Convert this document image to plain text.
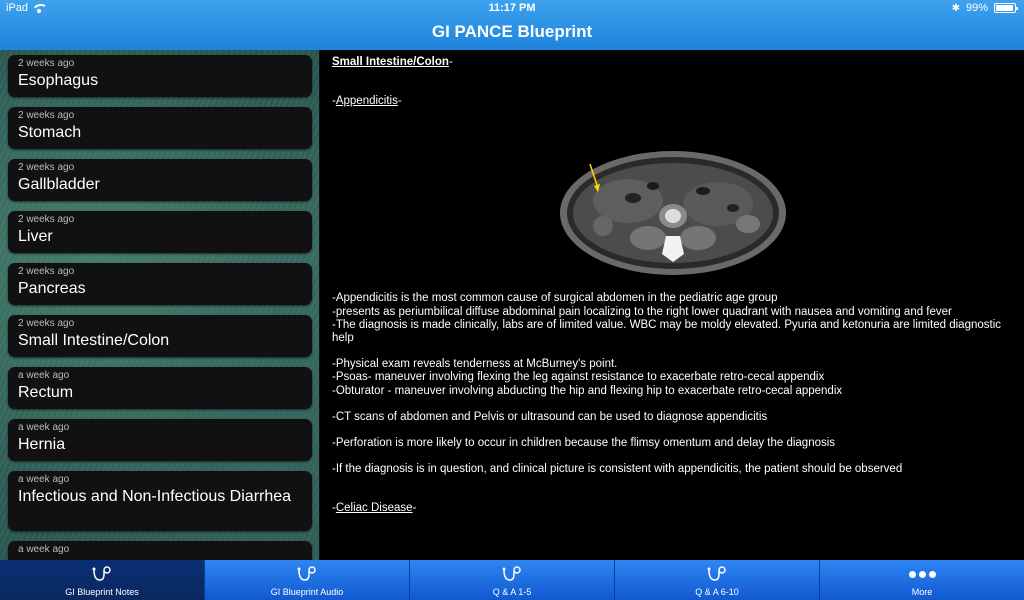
iPad	11:17 PM	✱ 99%
GI PANCE Blueprint
2 weeks ago
Esophagus
2 weeks ago
Stomach
2 weeks ago
Gallbladder
2 weeks ago
Liver
2 weeks ago
Pancreas
2 weeks ago
Small Intestine/Colon
a week ago
Rectum
a week ago
Hernia
a week ago
Infectious and Non-Infectious Diarrhea
a week ago

Small Intestine/Colon-

-Appendicitis-

-Appendicitis is the most common cause of surgical abdomen in the pediatric age group

-presents as periumbilical diffuse abdominal pain localizing to the right lower quadrant with nausea and vomiting and fever

-The diagnosis is made clinically, labs are of limited value. WBC may be moldy elevated. Pyuria and ketonuria are limited diagnostic help

-Physical exam reveals tenderness at McBurney's point.

-Psoas- maneuver involving flexing the leg against resistance to exacerbate retro-cecal appendix

-Obturator - maneuver involving abducting the hip and flexing hip to exacerbate retro-cecal appendix

-CT scans of abdomen and Pelvis or ultrasound can be used to diagnose appendicitis

-Perforation is more likely to occur in children because the flimsy omentum and delay the diagnosis

-If the diagnosis is in question, and clinical picture is consistent with appendicitis, the patient should be observed

-Celiac Disease-

GI Blueprint Notes	GI Blueprint Audio	Q & A 1-5	Q & A 6-10	More
